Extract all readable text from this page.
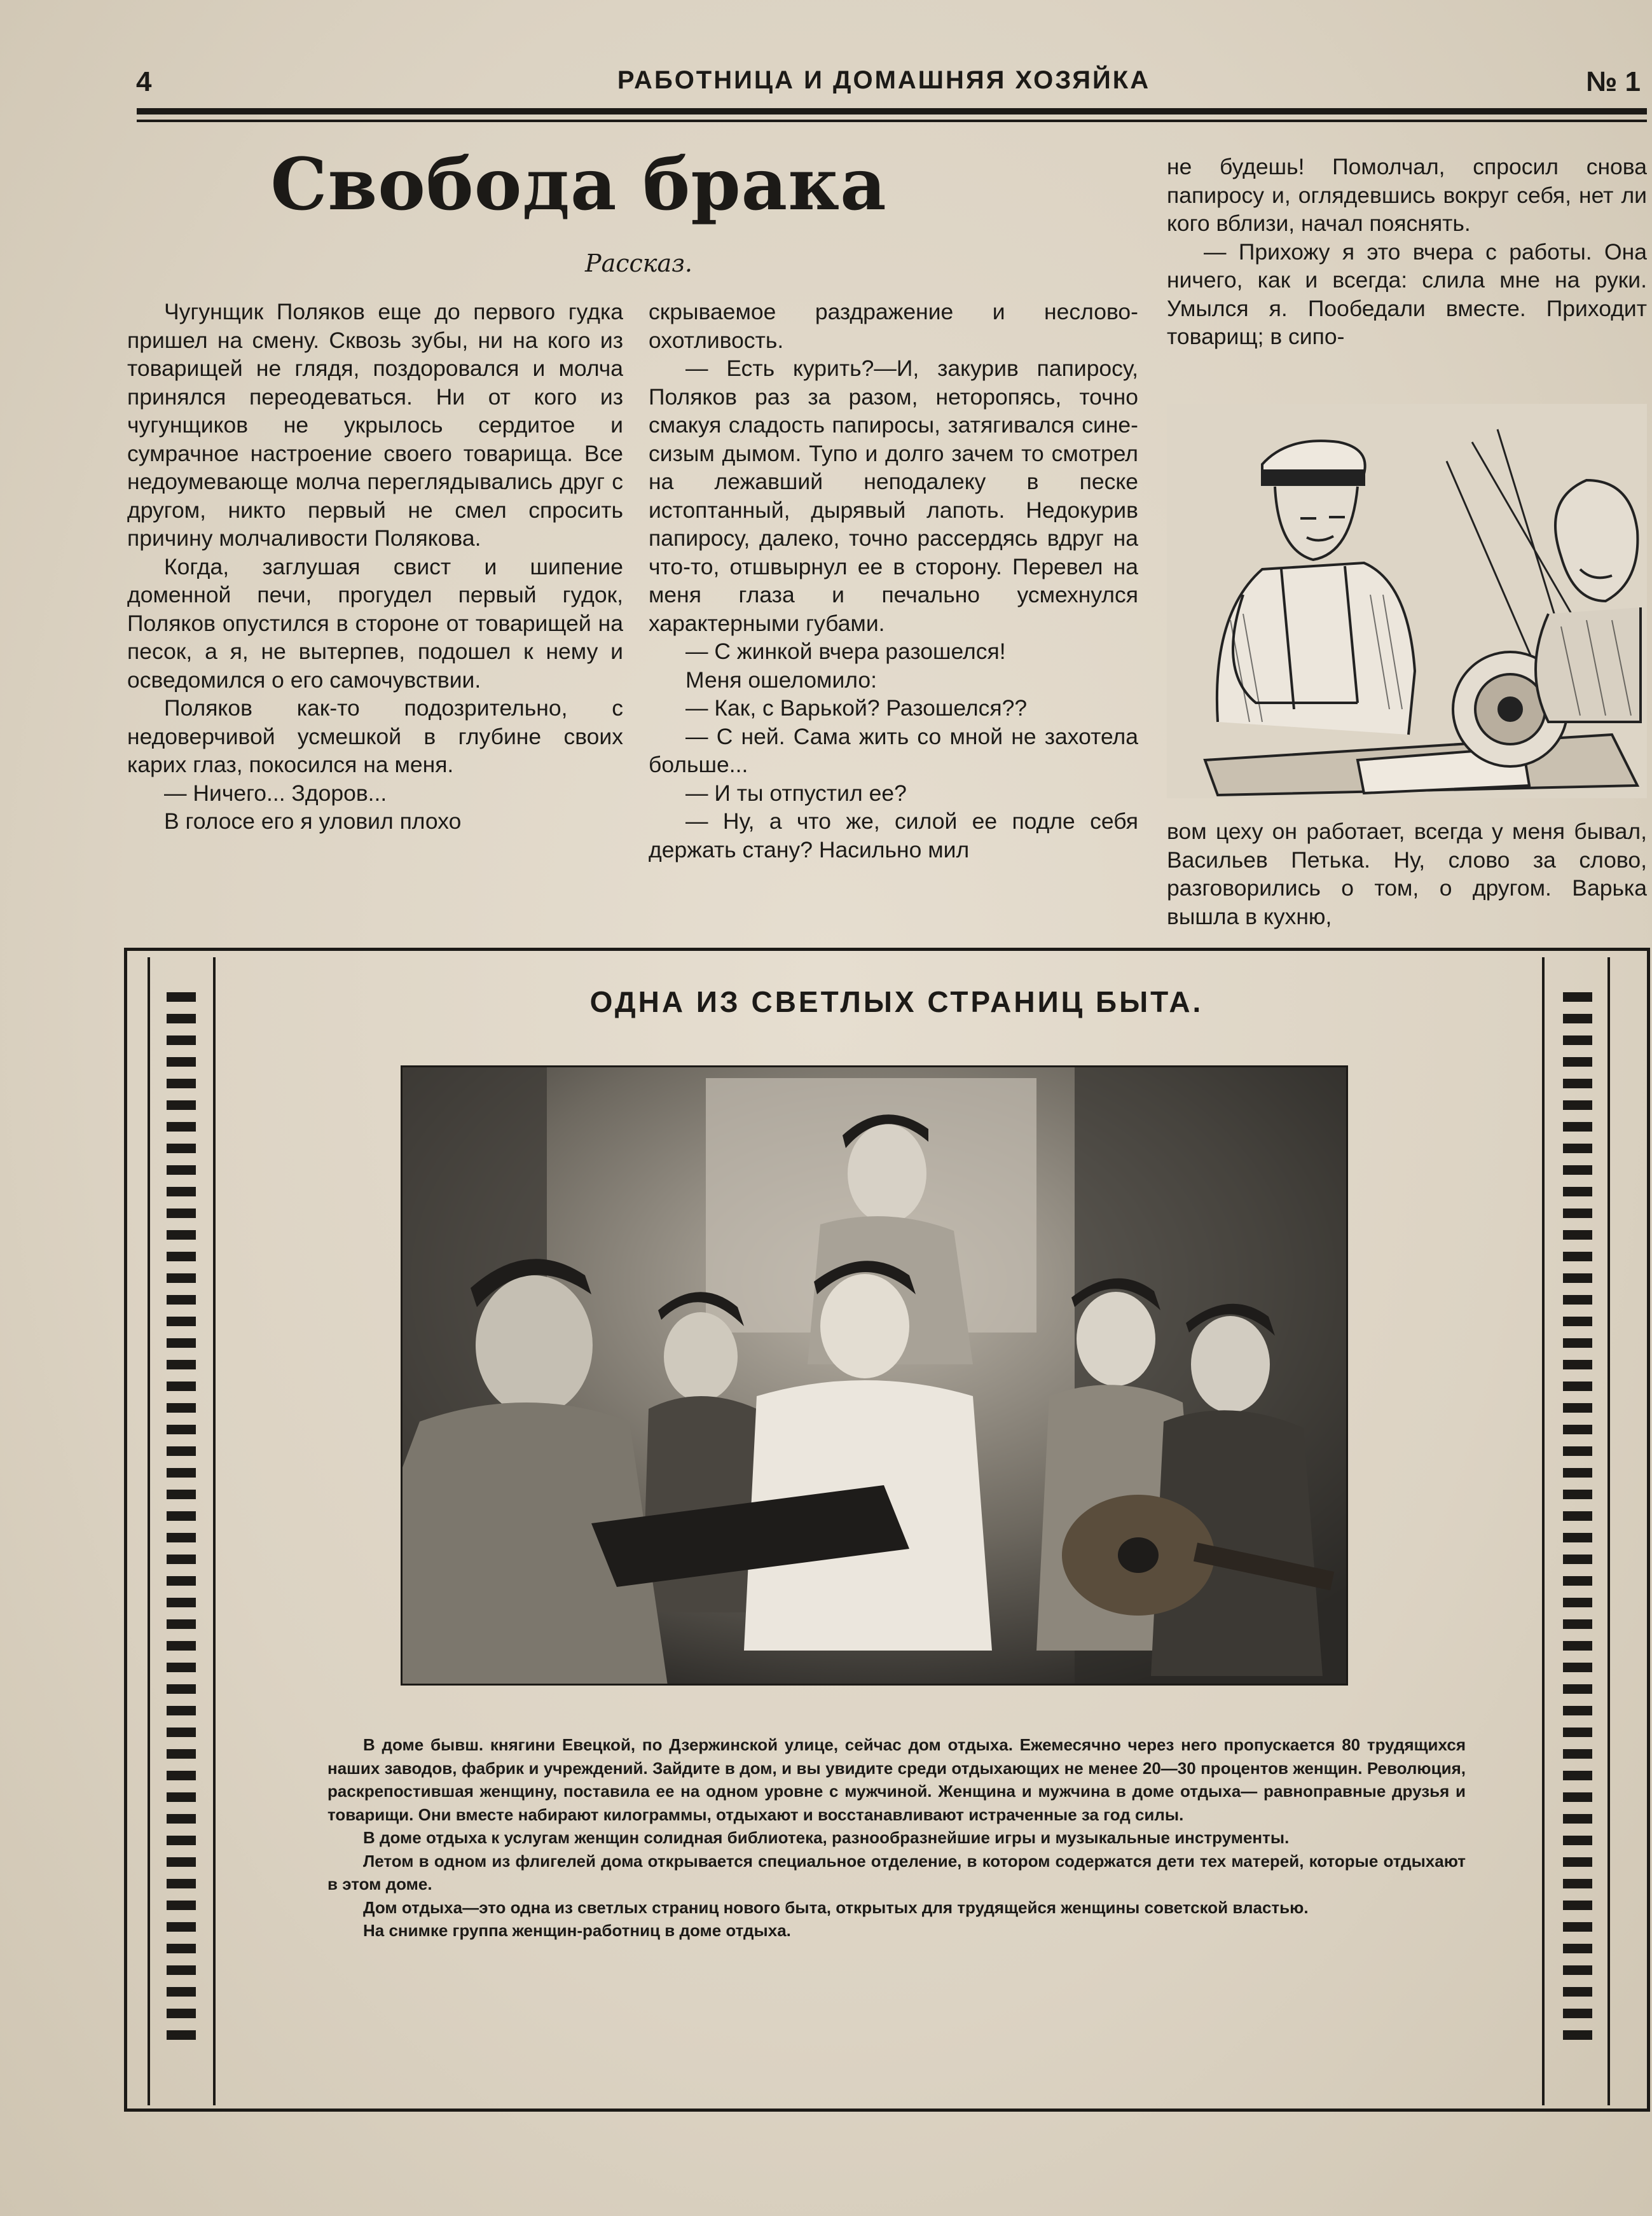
4	РАБОТНИЦА И ДОМАШНЯЯ ХОЗЯЙКА	№ 1
Свобода брака
Рассказ.

Чугунщик Поляков еще до первого гудка пришел на смену. Сквозь зубы, ни на кого из товарищей не глядя, поздоровался и молча принялся переодеваться. Ни от кого из чугунщиков не укрылось сердитое и сумрачное настроение своего товарища. Все недоумевающе молча переглядывались друг с другом, никто первый не смел спросить причину молчаливости Полякова.

Когда, заглушая свист и шипение доменной печи, прогудел первый гудок, Поляков опустился в стороне от товарищей на песок, а я, не вытерпев, подошел к нему и осведомился о его самочувствии.

Поляков как-то подозрительно, с недоверчивой усмешкой в глубине своих карих глаз, покосился на меня.

— Ничего... Здоров...

В голосе его я уловил плохо

скрываемое раздражение и неслово-охотливость.

— Есть курить?—И, закурив папиросу, Поляков раз за разом, неторопясь, точно смакуя сладость папиросы, затягивался сине-сизым дымом. Тупо и долго зачем то смотрел на лежавший неподалеку в песке истоптанный, дырявый лапоть. Недокурив папиросу, далеко, точно рассердясь вдруг на что-то, отшвырнул ее в сторону. Перевел на меня глаза и печально усмехнулся характерными губами.

— С жинкой вчера разошелся!

Меня ошеломило:

— Как, с Варькой? Разошелся??

— С ней. Сама жить со мной не захотела больше...

— И ты отпустил ее?

— Ну, а что же, силой ее подле себя держать стану? Насильно мил

не будешь! Помолчал, спросил снова папиросу и, оглядевшись вокруг себя, нет ли кого вблизи, начал пояснять.

— Прихожу я это вчера с работы. Она ничего, как и всегда: слила мне на руки. Умылся я. Пообедали вместе. Приходит товарищ; в сипо-

вом цеху он работает, всегда у меня бывал, Васильев Петька. Ну, слово за слово, разговорились о том, о другом. Варька вышла в кухню,

ОДНА ИЗ СВЕТЛЫХ СТРАНИЦ БЫТА.

В доме бывш. княгини Евецкой, по Дзержинской улице, сейчас дом отдыха. Ежемесячно через него пропускается 80 трудящихся наших заводов, фабрик и учреждений. Зайдите в дом, и вы увидите среди отдыхающих не менее 20—30 процентов женщин. Революция, раскрепостившая женщину, поставила ее на одном уровне с мужчиной. Женщина и мужчина в доме отдыха— равноправные друзья и товарищи. Они вместе набирают килограммы, отдыхают и восстанавливают истраченные за год силы.

В доме отдыха к услугам женщин солидная библиотека, разнообразнейшие игры и музыкальные инструменты.

Летом в одном из флигелей дома открывается специальное отделение, в котором содержатся дети тех матерей, которые отдыхают в этом доме.

Дом отдыха—это одна из светлых страниц нового быта, открытых для трудящейся женщины советской властью.

На снимке группа женщин-работниц в доме отдыха.
